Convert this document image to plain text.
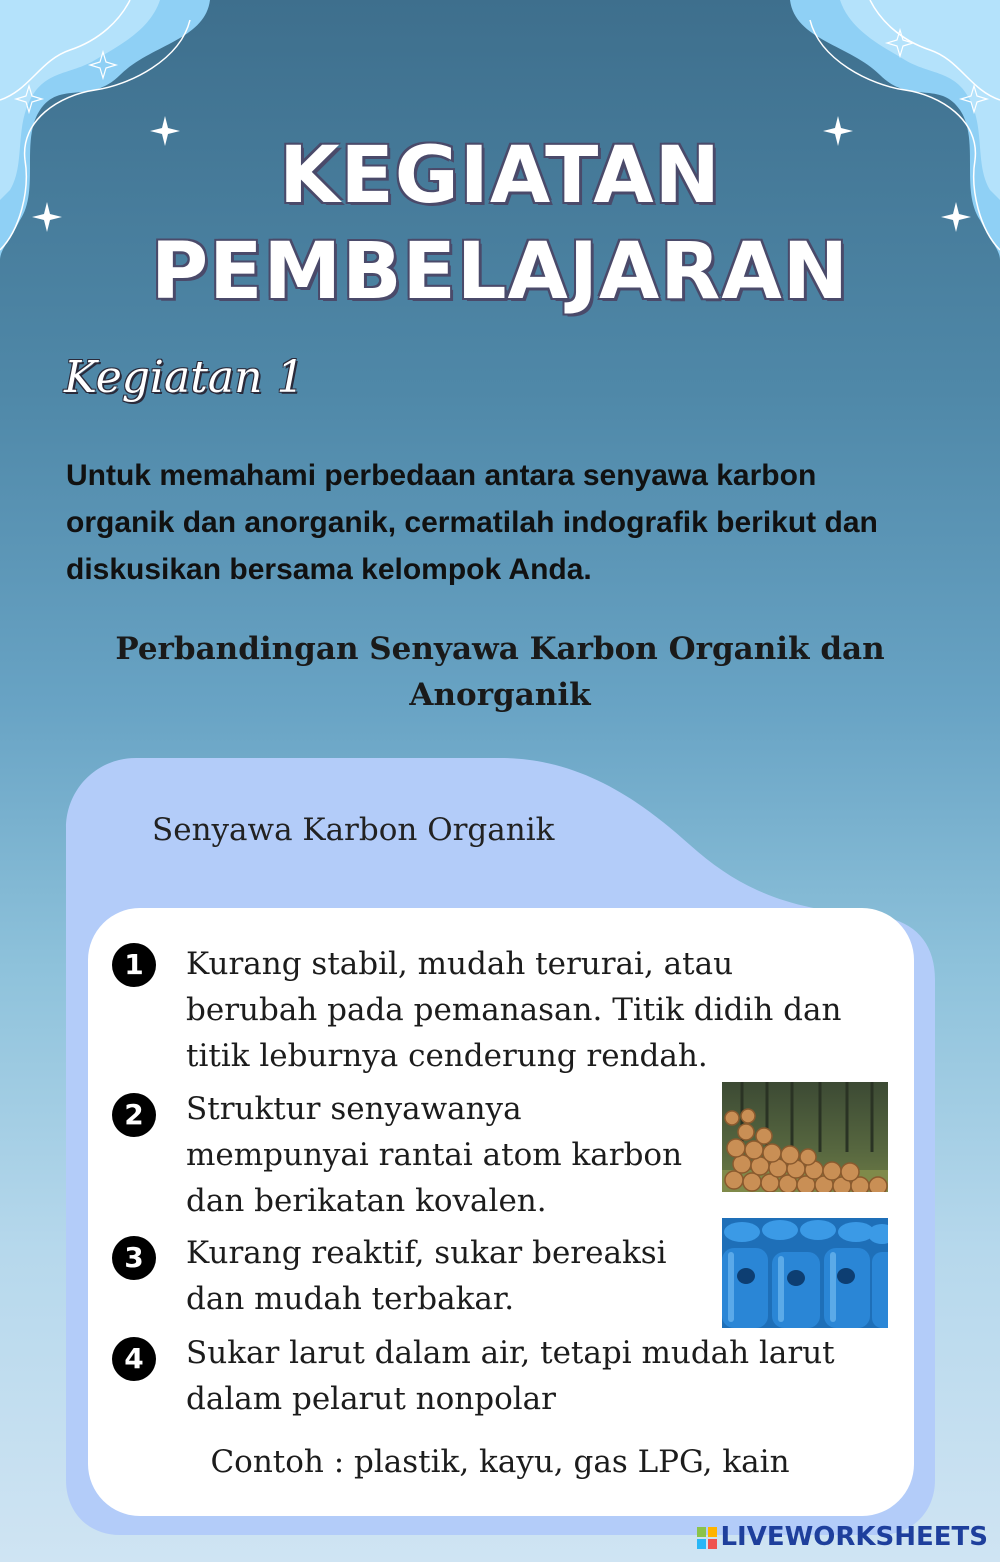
KEGIATAN
PEMBELAJARAN
Kegiatan 1
Untuk memahami perbedaan antara senyawa karbon
organik dan anorganik, cermatilah indografik berikut dan
diskusikan bersama kelompok Anda.
Perbandingan Senyawa Karbon Organik dan
Anorganik
Senyawa Karbon Organik
1	Kurang stabil, mudah terurai, atau
berubah pada pemanasan. Titik didih dan
titik leburnya cenderung rendah.
2	Struktur senyawanya
mempunyai rantai atom karbon
dan berikatan kovalen.
3	Kurang reaktif, sukar bereaksi
dan mudah terbakar.
4	Sukar larut dalam air, tetapi mudah larut
dalam pelarut nonpolar
Contoh : plastik, kayu, gas LPG, kain
LIVEWORKSHEETS
